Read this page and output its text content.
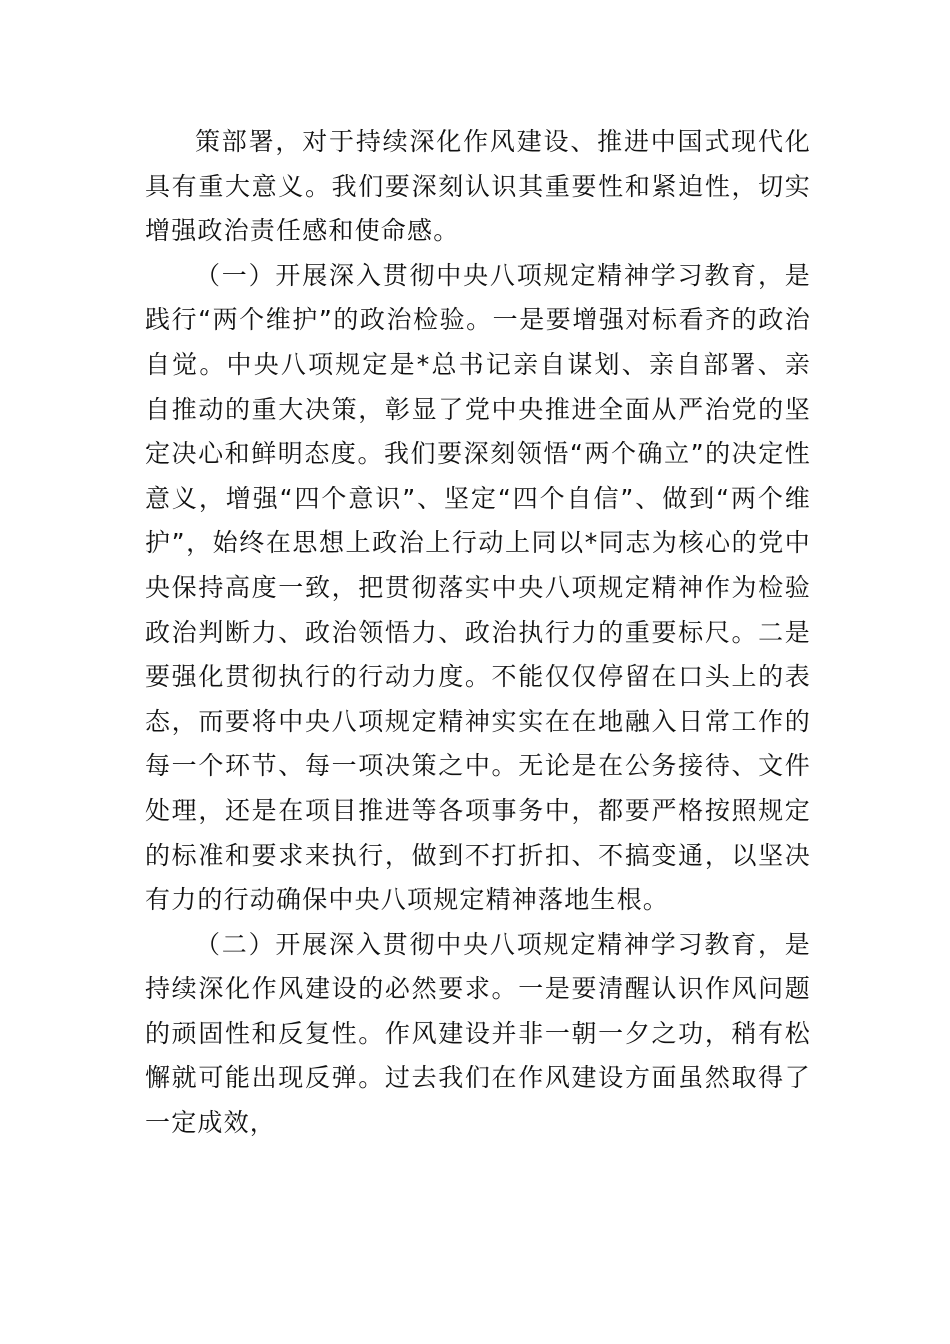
策部署，对于持续深化作风建设、推进中国式现代化具有重大意义。我们要深刻认识其重要性和紧迫性，切实增强政治责任感和使命感。

（一）开展深入贯彻中央八项规定精神学习教育，是践行“两个维护”的政治检验。一是要增强对标看齐的政治自觉。中央八项规定是*总书记亲自谋划、亲自部署、亲自推动的重大决策，彰显了党中央推进全面从严治党的坚定决心和鲜明态度。我们要深刻领悟“两个确立”的决定性意义，增强“四个意识”、坚定“四个自信”、做到“两个维护”，始终在思想上政治上行动上同以*同志为核心的党中央保持高度一致，把贯彻落实中央八项规定精神作为检验政治判断力、政治领悟力、政治执行力的重要标尺。二是要强化贯彻执行的行动力度。不能仅仅停留在口头上的表态，而要将中央八项规定精神实实在在地融入日常工作的每一个环节、每一项决策之中。无论是在公务接待、文件处理，还是在项目推进等各项事务中，都要严格按照规定的标准和要求来执行，做到不打折扣、不搞变通，以坚决有力的行动确保中央八项规定精神落地生根。

（二）开展深入贯彻中央八项规定精神学习教育，是持续深化作风建设的必然要求。一是要清醒认识作风问题的顽固性和反复性。作风建设并非一朝一夕之功，稍有松懈就可能出现反弹。过去我们在作风建设方面虽然取得了一定成效，
